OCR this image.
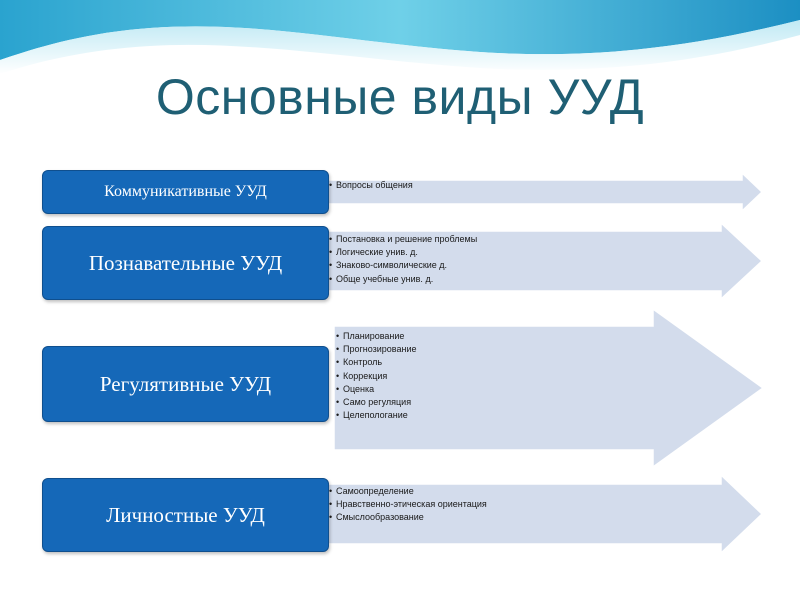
Основные виды УУД
Коммуникативные УУД
•	Вопросы общения
Познавательные УУД
• Постановка и решение проблемы
• Логические унив. д.
• Знаково-символические д.
• Обще учебные унив. д.
Регулятивные УУД
• Планирование
• Прогнозирование
• Контроль
• Коррекция
• Оценка
• Само регуляция
• Целепологание
Личностные УУД
• Самоопределение
• Нравственно-этическая ориентация
• Смыслообразование
